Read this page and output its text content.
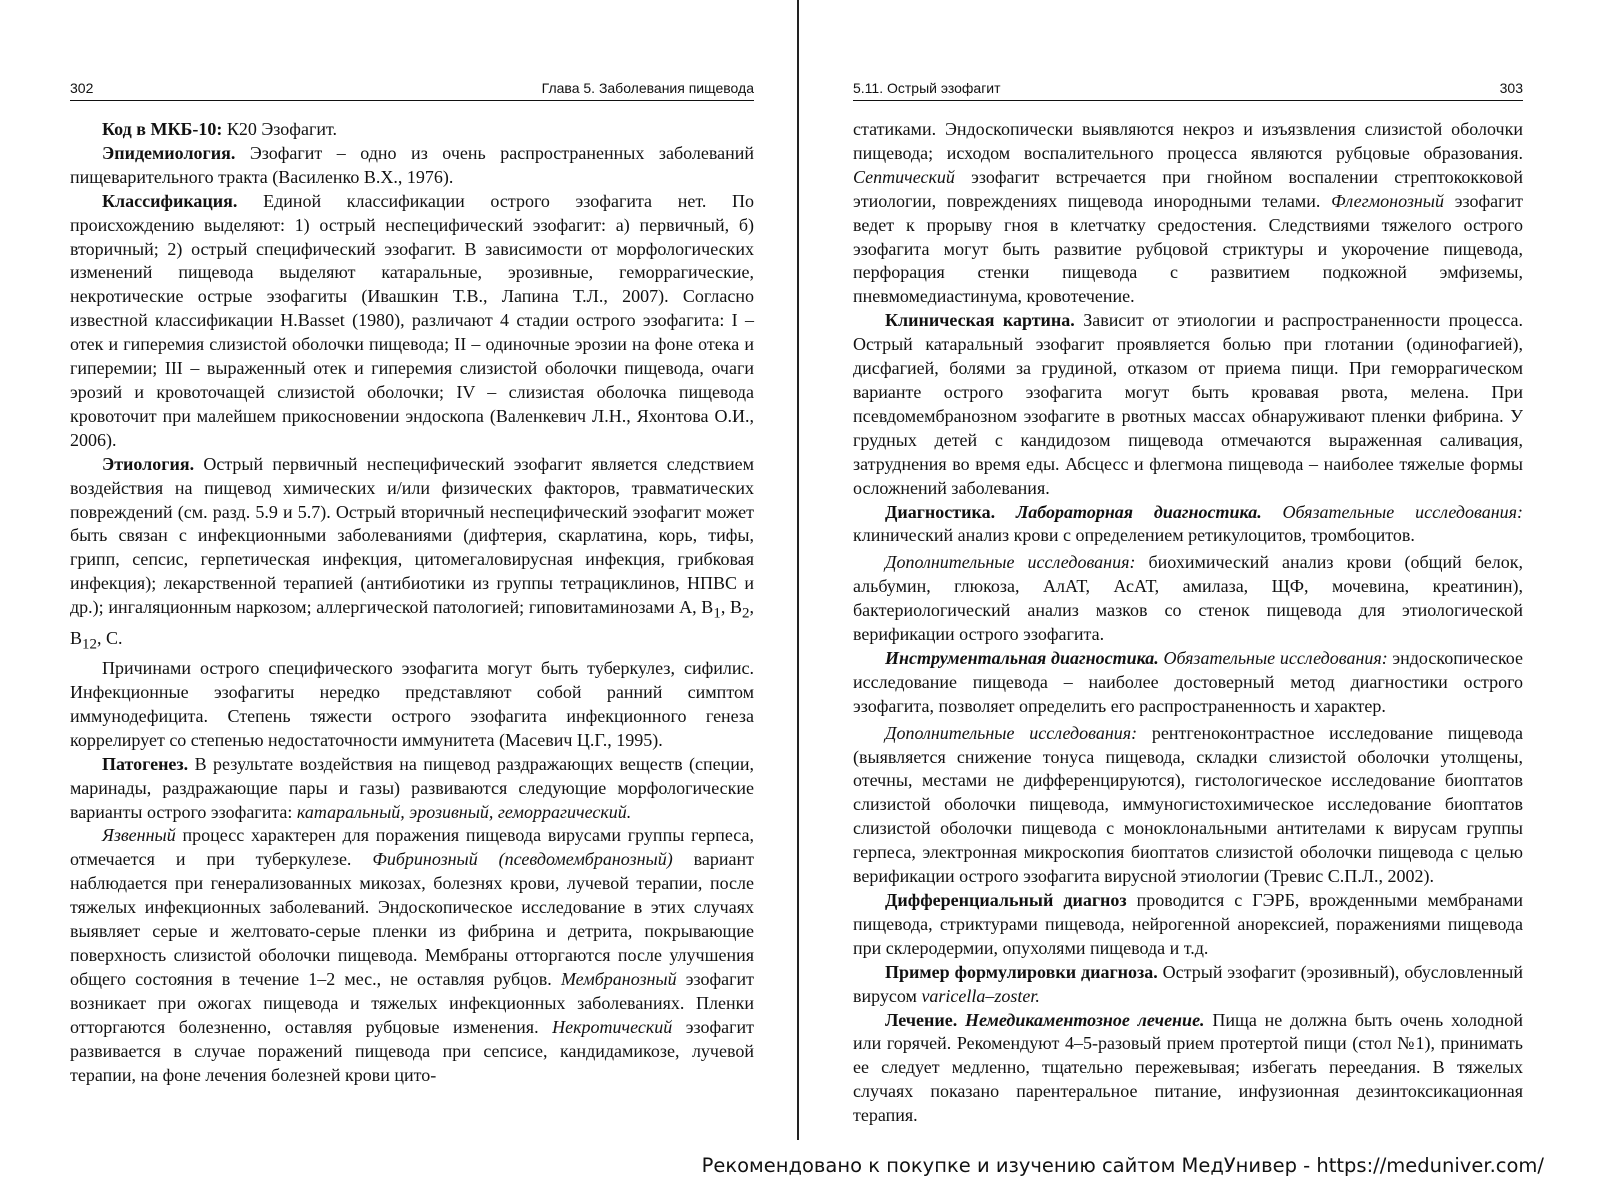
302	Глава 5. Заболевания пищевода

Код в МКБ-10: К20 Эзофагит.

Эпидемиология. Эзофагит – одно из очень распространенных заболеваний пищеварительного тракта (Василенко В.Х., 1976).

Классификация. Единой классификации острого эзофагита нет. По происхождению выделяют: 1) острый неспецифический эзофагит: а) первичный, б) вторичный; 2) острый специфический эзофагит. В зависимости от морфологических изменений пищевода выделяют катаральные, эрозивные, геморрагические, некротические острые эзофагиты (Ивашкин Т.В., Лапина Т.Л., 2007). Согласно известной классификации H.Basset (1980), различают 4 стадии острого эзофагита: I – отек и гиперемия слизистой оболочки пищевода; II – одиночные эрозии на фоне отека и гиперемии; III – выраженный отек и гиперемия слизистой оболочки пищевода, очаги эрозий и кровоточащей слизистой оболочки; IV – слизистая оболочка пищевода кровоточит при малейшем прикосновении эндоскопа (Валенкевич Л.Н., Яхонтова О.И., 2006).

Этиология. Острый первичный неспецифический эзофагит является следствием воздействия на пищевод химических и/или физических факторов, травматических повреждений (см. разд. 5.9 и 5.7). Острый вторичный неспецифический эзофагит может быть связан с инфекционными заболеваниями (дифтерия, скарлатина, корь, тифы, грипп, сепсис, герпетическая инфекция, цитомегаловирусная инфекция, грибковая инфекция); лекарственной терапией (антибиотики из группы тетрациклинов, НПВС и др.); ингаляционным наркозом; аллергической патологией; гиповитаминозами A, $B_1$, $B_2$, $B_{12}$, C.

Причинами острого специфического эзофагита могут быть туберкулез, сифилис. Инфекционные эзофагиты нередко представляют собой ранний симптом иммунодефицита. Степень тяжести острого эзофагита инфекционного генеза коррелирует со степенью недостаточности иммунитета (Масевич Ц.Г., 1995).

Патогенез. В результате воздействия на пищевод раздражающих веществ (специи, маринады, раздражающие пары и газы) развиваются следующие морфологические варианты острого эзофагита: катаральный, эрозивный, геморрагический.

Язвенный процесс характерен для поражения пищевода вирусами группы герпеса, отмечается и при туберкулезе. Фибринозный (псевдомембранозный) вариант наблюдается при генерализованных микозах, болезнях крови, лучевой терапии, после тяжелых инфекционных заболеваний. Эндоскопическое исследование в этих случаях выявляет серые и желтовато-серые пленки из фибрина и детрита, покрывающие поверхность слизистой оболочки пищевода. Мембраны отторгаются после улучшения общего состояния в течение 1–2 мес., не оставляя рубцов. Мембранозный эзофагит возникает при ожогах пищевода и тяжелых инфекционных заболеваниях. Пленки отторгаются болезненно, оставляя рубцовые изменения. Некротический эзофагит развивается в случае поражений пищевода при сепсисе, кандидамикозе, лучевой терапии, на фоне лечения болезней крови цито-

5.11. Острый эзофагит	303

статиками. Эндоскопически выявляются некроз и изъязвления слизистой оболочки пищевода; исходом воспалительного процесса являются рубцовые образования. Септический эзофагит встречается при гнойном воспалении стрептококковой этиологии, повреждениях пищевода инородными телами. Флегмонозный эзофагит ведет к прорыву гноя в клетчатку средостения. Следствиями тяжелого острого эзофагита могут быть развитие рубцовой стриктуры и укорочение пищевода, перфорация стенки пищевода с развитием подкожной эмфиземы, пневмомедиастинума, кровотечение.

Клиническая картина. Зависит от этиологии и распространенности процесса. Острый катаральный эзофагит проявляется болью при глотании (одинофагией), дисфагией, болями за грудиной, отказом от приема пищи. При геморрагическом варианте острого эзофагита могут быть кровавая рвота, мелена. При псевдомембранозном эзофагите в рвотных массах обнаруживают пленки фибрина. У грудных детей с кандидозом пищевода отмечаются выраженная саливация, затруднения во время еды. Абсцесс и флегмона пищевода – наиболее тяжелые формы осложнений заболевания.

Диагностика. Лабораторная диагностика. Обязательные исследования: клинический анализ крови с определением ретикулоцитов, тромбоцитов.

Дополнительные исследования: биохимический анализ крови (общий белок, альбумин, глюкоза, АлАТ, АсАТ, амилаза, ЩФ, мочевина, креатинин), бактериологический анализ мазков со стенок пищевода для этиологической верификации острого эзофагита.

Инструментальная диагностика. Обязательные исследования: эндоскопическое исследование пищевода – наиболее достоверный метод диагностики острого эзофагита, позволяет определить его распространенность и характер.

Дополнительные исследования: рентгеноконтрастное исследование пищевода (выявляется снижение тонуса пищевода, складки слизистой оболочки утолщены, отечны, местами не дифференцируются), гистологическое исследование биоптатов слизистой оболочки пищевода, иммуногистохимическое исследование биоптатов слизистой оболочки пищевода с моноклональными антителами к вирусам группы герпеса, электронная микроскопия биоптатов слизистой оболочки пищевода с целью верификации острого эзофагита вирусной этиологии (Тревис С.П.Л., 2002).

Дифференциальный диагноз проводится с ГЭРБ, врожденными мембранами пищевода, стриктурами пищевода, нейрогенной анорексией, поражениями пищевода при склеродермии, опухолями пищевода и т.д.

Пример формулировки диагноза. Острый эзофагит (эрозивный), обусловленный вирусом varicella–zoster.

Лечение. Немедикаментозное лечение. Пища не должна быть очень холодной или горячей. Рекомендуют 4–5-разовый прием протертой пищи (стол №1), принимать ее следует медленно, тщательно пережевывая; избегать переедания. В тяжелых случаях показано парентеральное питание, инфузионная дезинтоксикационная терапия.

Рекомендовано к покупке и изучению сайтом МедУнивер - https://meduniver.com/
